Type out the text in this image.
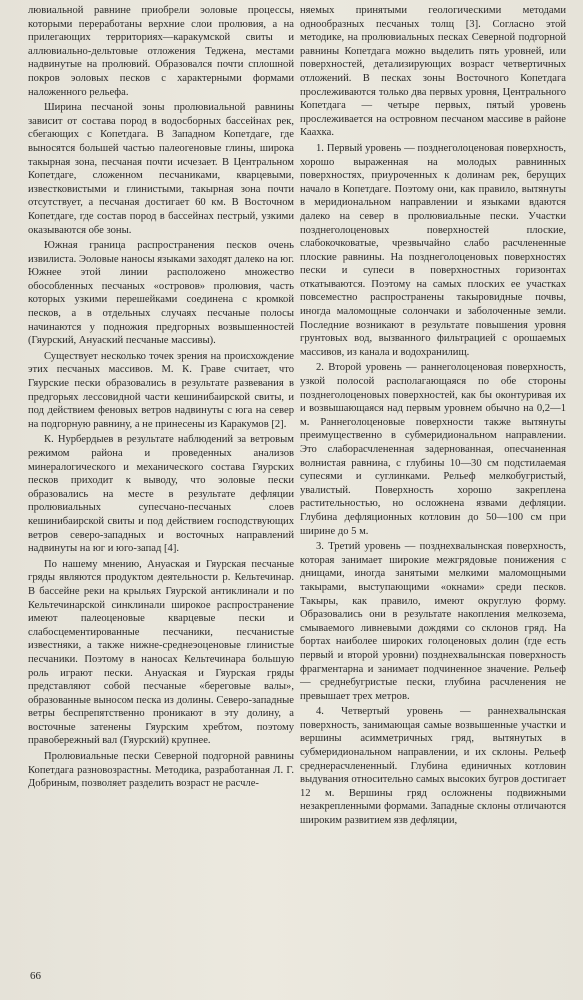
лювиальной равнине приобрели эоловые процессы, которыми переработаны верхние слои пролювия, а на прилегающих территориях—каракумской свиты и аллювиально-дельтовые отложения Теджена, местами надвинутые на пролювий. Образовался почти сплошной покров эоловых песков с характерными формами наложенного рельефа.

Ширина песчаной зоны пролювиальной равнины зависит от состава пород в водосборных бассейнах рек, сбегающих с Копетдага. В Западном Копетдаге, где выносятся большей частью палеогеновые глины, широка такырная зона, песчаная почти исчезает. В Центральном Копетдаге, сложенном песчаниками, кварцевыми, известковистыми и глинистыми, такырная зона почти отсутствует, а песчаная достигает 60 км. В Восточном Копетдаге, где состав пород в бассейнах пестрый, узкими оказываются обе зоны.

Южная граница распространения песков очень извилиста. Эоловые наносы языками заходят далеко на юг. Южнее этой линии расположено множество обособленных песчаных «островов» пролювия, часть которых узкими перешейками соединена с кромкой песков, а в отдельных случаях песчаные полосы начинаются у подножия предгорных возвышенностей (Гяурский, Ануаский песчаные массивы).

Существует несколько точек зрения на происхождение этих песчаных массивов. М. К. Граве считает, что Гяурские пески образовались в результате развевания в предгорьях лессовидной части кешинибаирской свиты, и под действием феновых ветров надвинуты с юга на север на подгорную равнину, а не принесены из Каракумов [2].

К. Нурбердыев в результате наблюдений за ветровым режимом района и проведенных анализов минералогического и механического состава Гяурских песков приходит к выводу, что эоловые пески образовались на месте в результате дефляции пролювиальных супесчано-песчаных слоев кешинибаирской свиты и под действием господствующих ветров северо-западных и восточных направлений надвинуты на юг и юго-запад [4].

По нашему мнению, Ануаская и Гяурская песчаные гряды являются продуктом деятельности р. Кельтечинар. В бассейне реки на крыльях Гяурской антиклинали и по Кельтечинарской синклинали широкое распространение имеют палеоценовые кварцевые пески и слабосцементированные песчаники, песчанистые известняки, а также нижне-среднеэоценовые глинистые песчаники. Поэтому в наносах Кельтечинара большую роль играют пески. Ануаская и Гяурская гряды представляют собой песчаные «береговые валы», образованные выносом песка из долины. Северо-западные ветры беспрепятственно проникают в эту долину, а восточные затенены Гяурским хребтом, поэтому правобережный вал (Гяурский) крупнее.

Пролювиальные пески Северной подгорной равнины Копетдага разновозрастны. Методика, разработанная Л. Г. Добриным, позволяет разделить возраст не расчле-

няемых принятыми геологическими методами однообразных песчаных толщ [3]. Согласно этой методике, на пролювиальных песках Северной подгорной равнины Копетдага можно выделить пять уровней, или поверхностей, детализирующих возраст четвертичных отложений. В песках зоны Восточного Копетдага прослеживаются только два первых уровня, Центрального Копетдага — четыре первых, пятый уровень прослеживается на островном песчаном массиве в районе Каахка.

1. Первый уровень — позднеголоценовая поверхность, хорошо выраженная на молодых равнинных поверхностях, приуроченных к долинам рек, берущих начало в Копетдаге. Поэтому они, как правило, вытянуты в меридиональном направлении и языками вдаются далеко на север в пролювиальные пески. Участки позднеголоценовых поверхностей плоские, слабокочковатые, чрезвычайно слабо расчлененные плоские равнины. На позднеголоценовых поверхностях пески и супеси в поверхностных горизонтах откатываются. Поэтому на самых плоских ее участках повсеместно распространены такыровидные почвы, иногда маломощные солончаки и заболоченные земли. Последние возникают в результате повышения уровня грунтовых вод, вызванного фильтрацией с орошаемых массивов, из канала и водохранилищ.

2. Второй уровень — раннеголоценовая поверхность, узкой полосой располагающаяся по обе стороны позднеголоценовых поверхностей, как бы оконтуривая их и возвышающаяся над первым уровнем обычно на 0,2—1 м. Раннеголоценовые поверхности также вытянуты преимущественно в субмеридиональном направлении. Это слаборасчлененная задернованная, опесчаненная волнистая равнина, с глубины 10—30 см подстилаемая супесями и суглинками. Рельеф мелкобугристый, увалистый. Поверхность хорошо закреплена растительностью, но осложнена язвами дефляции. Глубина дефляционных котловин до 50—100 см при ширине до 5 м.

3. Третий уровень — позднехвалынская поверхность, которая занимает широкие межгрядовые понижения с днищами, иногда занятыми мелкими маломощными такырами, выступающими «окнами» среди песков. Такыры, как правило, имеют округлую форму. Образовались они в результате накопления мелкозема, смываемого ливневыми дождями со склонов гряд. На бортах наиболее широких голоценовых долин (где есть первый и второй уровни) позднехвалынская поверхность фрагментарна и занимает подчиненное значение. Рельеф — среднебугристые пески, глубина расчленения не превышает трех метров.

4. Четвертый уровень — раннехвалынская поверхность, занимающая самые возвышенные участки и вершины асимметричных гряд, вытянутых в субмеридиональном направлении, и их склоны. Рельеф среднерасчлененный. Глубина единичных котловин выдувания относительно самых высоких бугров достигает 12 м. Вершины гряд осложнены подвижными незакрепленными формами. Западные склоны отличаются широким развитием язв дефляции,

66
